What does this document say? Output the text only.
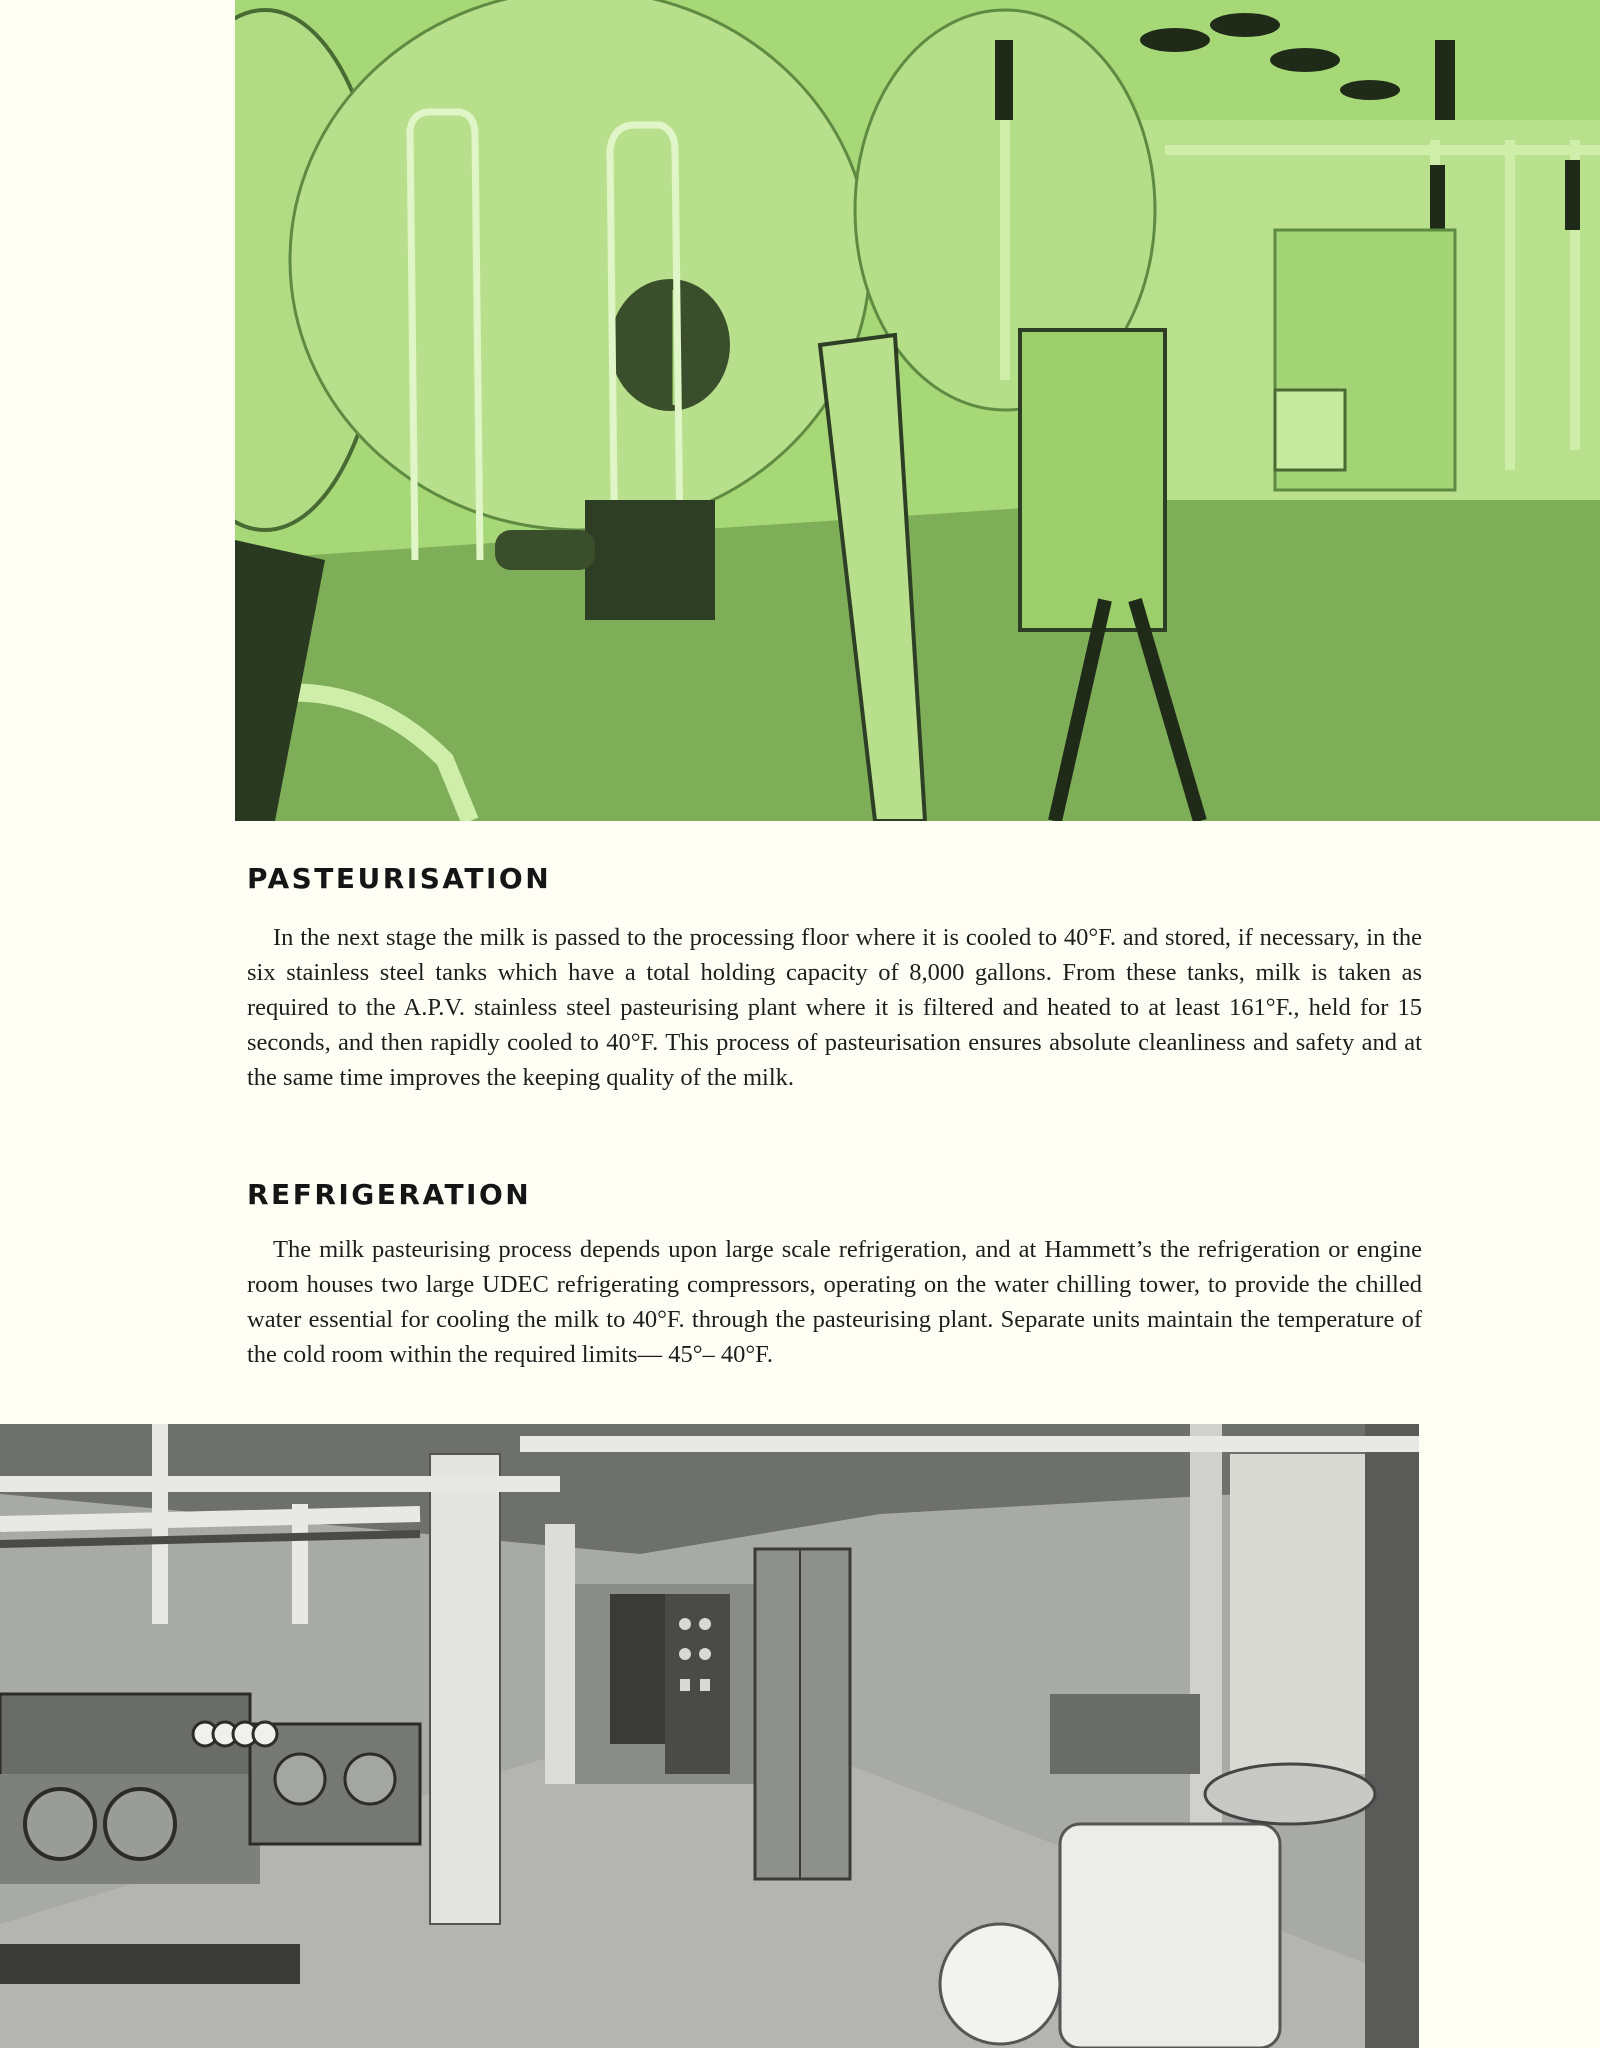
PASTEURISATION

In the next stage the milk is passed to the processing floor where it is cooled to 40°F. and stored, if necessary, in the six stainless steel tanks which have a total holding capacity of 8,000 gallons. From these tanks, milk is taken as required to the A.P.V. stainless steel pasteurising plant where it is filtered and heated to at least 161°F., held for 15 seconds, and then rapidly cooled to 40°F. This process of pasteurisation ensures absolute cleanliness and safety and at the same time improves the keeping quality of the milk.

REFRIGERATION

The milk pasteurising process depends upon large scale refrigeration, and at Hammett’s the refrigeration or engine room houses two large UDEC refrigerating compressors, operating on the water chilling tower, to provide the chilled water essential for cooling the milk to 40°F. through the pasteurising plant. Separate units maintain the temperature of the cold room within the required limits— 45°– 40°F.
